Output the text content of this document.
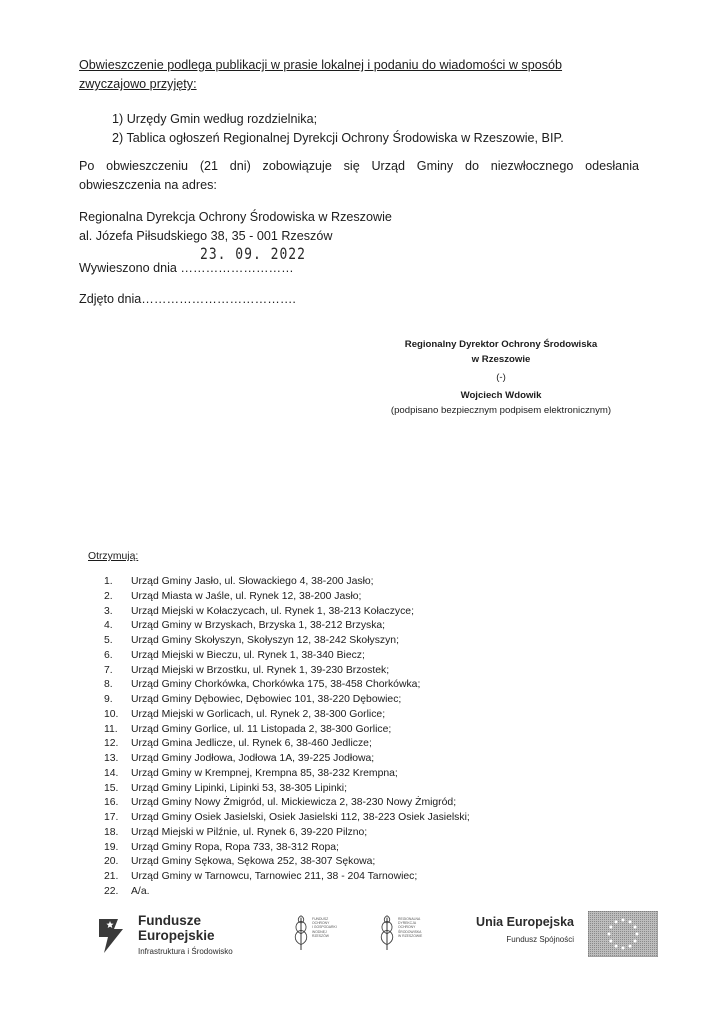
Obwieszczenie podlega publikacji w prasie lokalnej i podaniu do wiadomości w sposób
zwyczajowo przyjęty:
1) Urzędy Gmin według rozdzielnika;
2) Tablica ogłoszeń Regionalnej Dyrekcji Ochrony Środowiska w Rzeszowie, BIP.
Po obwieszczeniu (21 dni) zobowiązuje się Urząd Gminy do niezwłocznego odesłania obwieszczenia na adres:
Regionalna Dyrekcja Ochrony Środowiska w Rzeszowie
al. Józefa Piłsudskiego 38, 35 - 001 Rzeszów
23. 09. 2022
Wywieszono dnia ………………………
Zdjęto dnia……………………………….
Regionalny Dyrektor Ochrony Środowiska
w Rzeszowie
(-)
Wojciech Wdowik
(podpisano bezpiecznym podpisem elektronicznym)
Otrzymują:
1. Urząd Gminy Jasło, ul. Słowackiego 4, 38-200 Jasło;
2. Urząd Miasta w Jaśle, ul. Rynek 12, 38-200 Jasło;
3. Urząd Miejski w Kołaczycach, ul. Rynek 1, 38-213 Kołaczyce;
4. Urząd Gminy w Brzyskach, Brzyska 1, 38-212 Brzyska;
5. Urząd Gminy Skołyszyn, Skołyszyn 12, 38-242 Skołyszyn;
6. Urząd Miejski w Bieczu, ul. Rynek 1, 38-340 Biecz;
7. Urząd Miejski w Brzostku, ul. Rynek 1, 39-230 Brzostek;
8. Urząd Gminy Chorkówka, Chorkówka 175, 38-458 Chorkówka;
9. Urząd Gminy Dębowiec, Dębowiec 101, 38-220 Dębowiec;
10. Urząd Miejski w Gorlicach, ul. Rynek 2, 38-300 Gorlice;
11. Urząd Gminy Gorlice, ul. 11 Listopada 2, 38-300 Gorlice;
12. Urząd Gmina Jedlicze, ul. Rynek 6, 38-460 Jedlicze;
13. Urząd Gminy Jodłowa, Jodłowa 1A, 39-225 Jodłowa;
14. Urząd Gminy w Krempnej, Krempna 85, 38-232 Krempna;
15. Urząd Gminy Lipinki, Lipinki 53, 38-305 Lipinki;
16. Urząd Gminy Nowy Żmigród, ul. Mickiewicza 2, 38-230 Nowy Żmigród;
17. Urząd Gminy Osiek Jasielski, Osiek Jasielski 112, 38-223 Osiek Jasielski;
18. Urząd Miejski w Pilźnie, ul. Rynek 6, 39-220 Pilzno;
19. Urząd Gminy Ropa, Ropa 733, 38-312 Ropa;
20. Urząd Gminy Sękowa, Sękowa 252, 38-307 Sękowa;
21. Urząd Gminy w Tarnowcu, Tarnowiec 211, 38 - 204 Tarnowiec;
22. A/a.
Fundusze
Europejskie
Infrastruktura i Środowisko
FUNDUSZ
OCHRONY
I GOSPODARKI
WODNEJ
RZESZÓW
REGIONALNA
DYREKCJA
OCHRONY
ŚRODOWISKA
W RZESZOWIE
Unia Europejska
Fundusz Spójności
